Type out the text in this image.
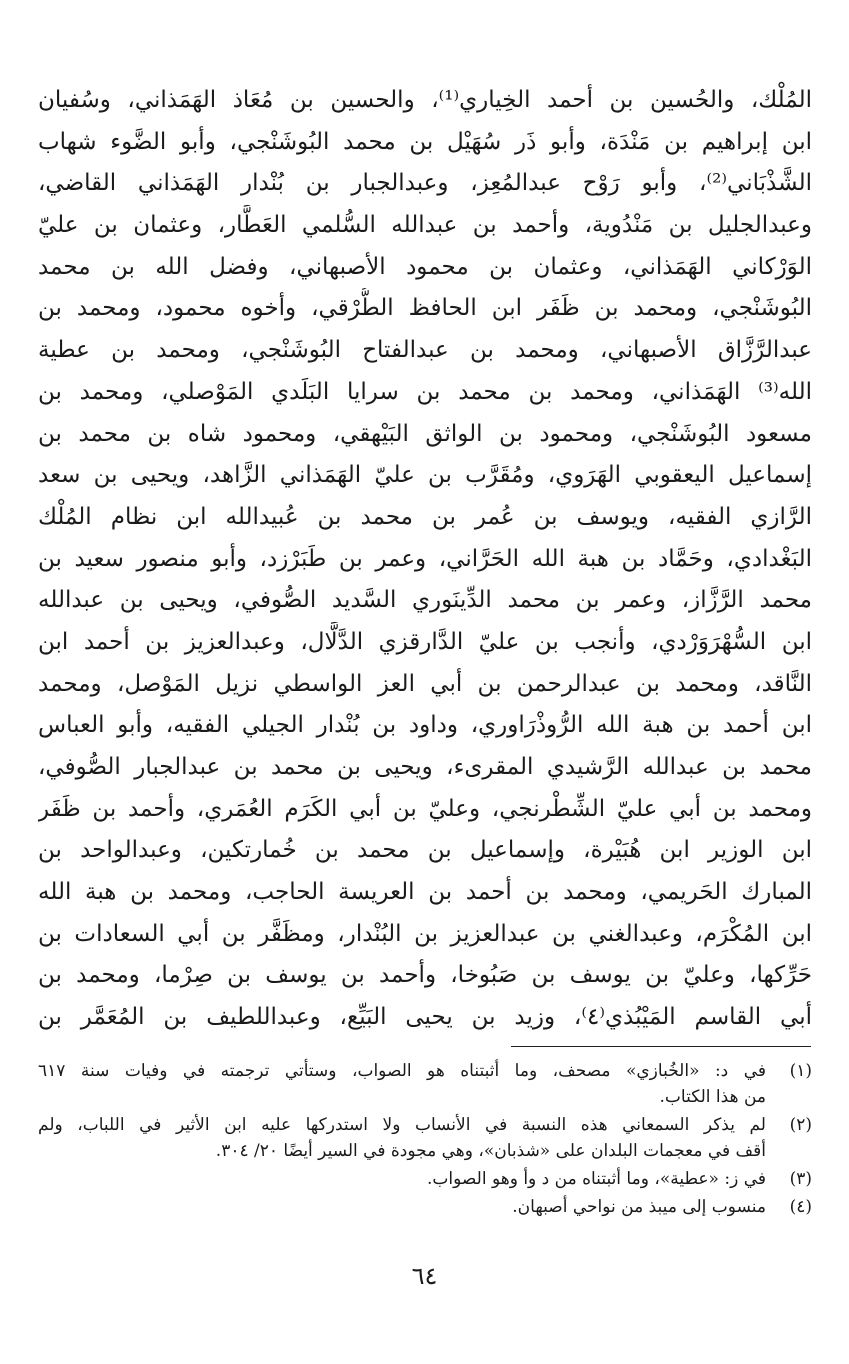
المُلْك، والحُسين بن أحمد الخِياري⁽¹⁾، والحسين بن مُعَاذ الهَمَذاني، وسُفيان
ابن إبراهيم بن مَنْدَة، وأبو ذَر سُهَيْل بن محمد البُوشَنْجي، وأبو الضَّوء شهاب
الشَّذْبَاني⁽²⁾، وأبو رَوْح عبدالمُعِز، وعبدالجبار بن بُنْدار الهَمَذاني القاضي،
وعبدالجليل بن مَنْدُوية، وأحمد بن عبدالله السُّلمي العَطَّار، وعثمان بن عليّ
الوَرْكاني الهَمَذاني، وعثمان بن محمود الأصبهاني، وفضل الله بن محمد
البُوشَنْجي، ومحمد بن ظَفَر ابن الحافظ الطُّرْقي، وأخوه محمود، ومحمد بن
عبدالرَّزَّاق الأصبهاني، ومحمد بن عبدالفتاح البُوشَنْجي، ومحمد بن عطية
الله⁽³⁾ الهَمَذاني، ومحمد بن محمد بن سرايا البَلَدي المَوْصلي، ومحمد بن
مسعود البُوشَنْجي، ومحمود بن الواثق البَيْهقي، ومحمود شاه بن محمد بن
إسماعيل اليعقوبي الهَرَوي، ومُقَرَّب بن عليّ الهَمَذاني الزَّاهد، ويحيى بن سعد
الرَّازي الفقيه، ويوسف بن عُمر بن محمد بن عُبيدالله ابن نظام المُلْك
البَغْدادي، وحَمَّاد بن هبة الله الحَرَّاني، وعمر بن طَبَرْزد، وأبو منصور سعيد بن
محمد الرَّزَّاز، وعمر بن محمد الدِّينَوري السَّديد الصُّوفي، ويحيى بن عبدالله
ابن السُّهْرَوَرْدي، وأنجب بن عليّ الدَّارقزي الدَّلَّال، وعبدالعزيز بن أحمد ابن
النَّاقد، ومحمد بن عبدالرحمن بن أبي العز الواسطي نزيل المَوْصل، ومحمد
ابن أحمد بن هبة الله الرُّوذْرَاوري، وداود بن بُنْدار الجيلي الفقيه، وأبو العباس
محمد بن عبدالله الرَّشيدي المقرىء، ويحيى بن محمد بن عبدالجبار الصُّوفي،
ومحمد بن أبي عليّ الشِّطْرنجي، وعليّ بن أبي الكَرَم العُمَري، وأحمد بن ظَفَر
ابن الوزير ابن هُبَيْرة، وإسماعيل بن محمد بن خُمارتكين، وعبدالواحد بن
المبارك الحَريمي، ومحمد بن أحمد بن العريسة الحاجب، ومحمد بن هبة الله
ابن المُكْرَم، وعبدالغني بن عبدالعزيز بن البُنْدار، ومظَفَّر بن أبي السعادات بن
حَرِّكها، وعليّ بن يوسف بن صَبُوخا، وأحمد بن يوسف بن صِرْما، ومحمد بن
أبي القاسم المَيْبُذي⁽٤⁾، وزيد بن يحيى البَيِّع، وعبداللطيف بن المُعَمَّر بن
(١)
في د: «الخُبازي» مصحف، وما أثبتناه هو الصواب، وستأتي ترجمته في وفيات سنة ٦١٧
من هذا الكتاب.
(٢)
لم يذكر السمعاني هذه النسبة في الأنساب ولا استدركها عليه ابن الأثير في اللباب، ولم
أقف في معجمات البلدان على «شذبان»، وهي مجودة في السير أيضًا ٢٠/ ٣٠٤.
(٣)
في ز: «عطية»، وما أثبتناه من د وأ وهو الصواب.
(٤)
منسوب إلى ميبذ من نواحي أصبهان.
٦٤
